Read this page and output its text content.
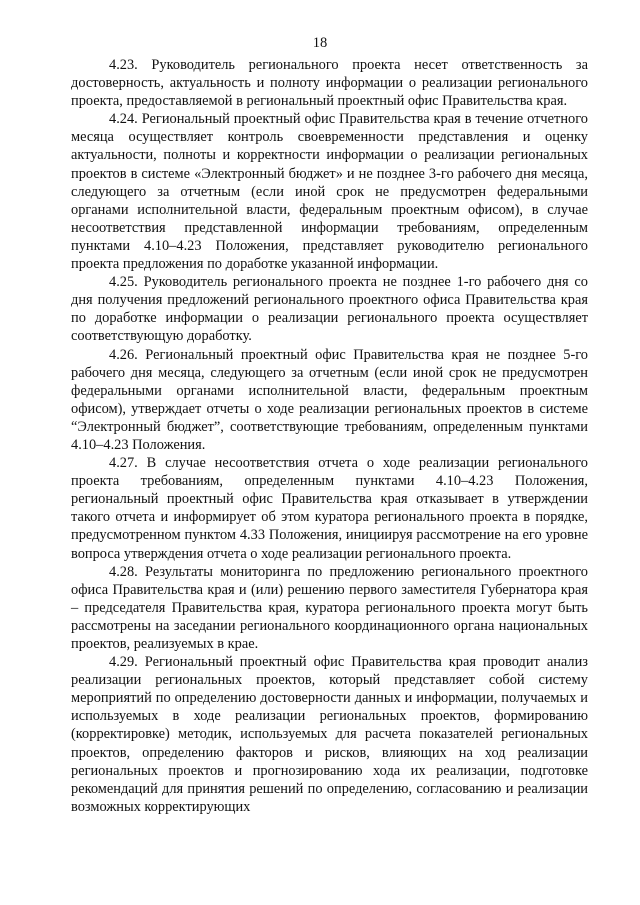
18

4.23. Руководитель регионального проекта несет ответственность за достоверность, актуальность и полноту информации о реализации регионального проекта, предоставляемой в региональный проектный офис Правительства края.

4.24. Региональный проектный офис Правительства края в течение отчетного месяца осуществляет контроль своевременности представления и оценку актуальности, полноты и корректности информации о реализации региональных проектов в системе «Электронный бюджет» и не позднее 3-го рабочего дня месяца, следующего за отчетным (если иной срок не предусмотрен федеральными органами исполнительной власти, федеральным проектным офисом), в случае несоответствия представленной информации требованиям, определенным пунктами 4.10–4.23 Положения, представляет руководителю регионального проекта предложения по доработке указанной информации.

4.25. Руководитель регионального проекта не позднее 1-го рабочего дня со дня получения предложений регионального проектного офиса Правительства края по доработке информации о реализации регионального проекта осуществляет соответствующую доработку.

4.26. Региональный проектный офис Правительства края не позднее 5-го рабочего дня месяца, следующего за отчетным (если иной срок не предусмотрен федеральными органами исполнительной власти, федеральным проектным офисом), утверждает отчеты о ходе реализации региональных проектов в системе “Электронный бюджет”, соответствующие требованиям, определенным пунктами 4.10–4.23 Положения.

4.27. В случае несоответствия отчета о ходе реализации регионального проекта требованиям, определенным пунктами 4.10–4.23 Положения, региональный проектный офис Правительства края отказывает в утверждении такого отчета и информирует об этом куратора регионального проекта в порядке, предусмотренном пунктом 4.33 Положения, инициируя рассмотрение на его уровне вопроса утверждения отчета о ходе реализации регионального проекта.

4.28. Результаты мониторинга по предложению регионального проектного офиса Правительства края и (или) решению первого заместителя Губернатора края – председателя Правительства края, куратора регионального проекта могут быть рассмотрены на заседании регионального координационного органа национальных проектов, реализуемых в крае.

4.29. Региональный проектный офис Правительства края проводит анализ реализации региональных проектов, который представляет собой систему мероприятий по определению достоверности данных и информации, получаемых и используемых в ходе реализации региональных проектов, формированию (корректировке) методик, используемых для расчета показателей региональных проектов, определению факторов и рисков, влияющих на ход реализации региональных проектов и прогнозированию хода их реализации, подготовке рекомендаций для принятия решений по определению, согласованию и реализации возможных корректирующих
